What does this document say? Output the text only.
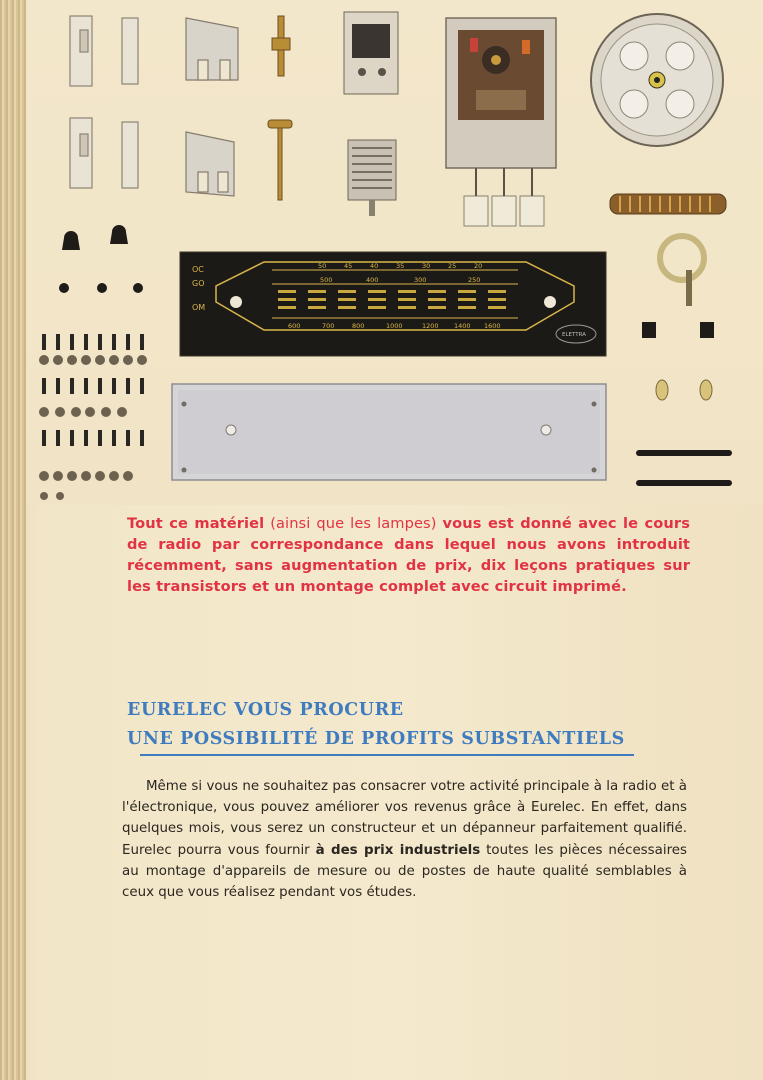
OC
GO
OM
50	45	40	35	30	25	20
500	400	300	250
600	700	800	1000	1200 1400 1600
ELETTRA

Tout ce matériel (ainsi que les lampes) vous est donné avec le cours de radio par correspondance dans lequel nous avons introduit récemment, sans augmentation de prix, dix leçons pratiques sur les transistors et un montage complet avec circuit imprimé.

EURELEC VOUS PROCURE
UNE POSSIBILITÉ DE PROFITS SUBSTANTIELS

Même si vous ne souhaitez pas consacrer votre activité principale à la radio et à l'électronique, vous pouvez améliorer vos revenus grâce à Eurelec. En effet, dans quelques mois, vous serez un constructeur et un dépanneur parfaitement qualifié. Eurelec pourra vous fournir à des prix industriels toutes les pièces nécessaires au montage d'appareils de mesure ou de postes de haute qualité semblables à ceux que vous réalisez pendant vos études.
